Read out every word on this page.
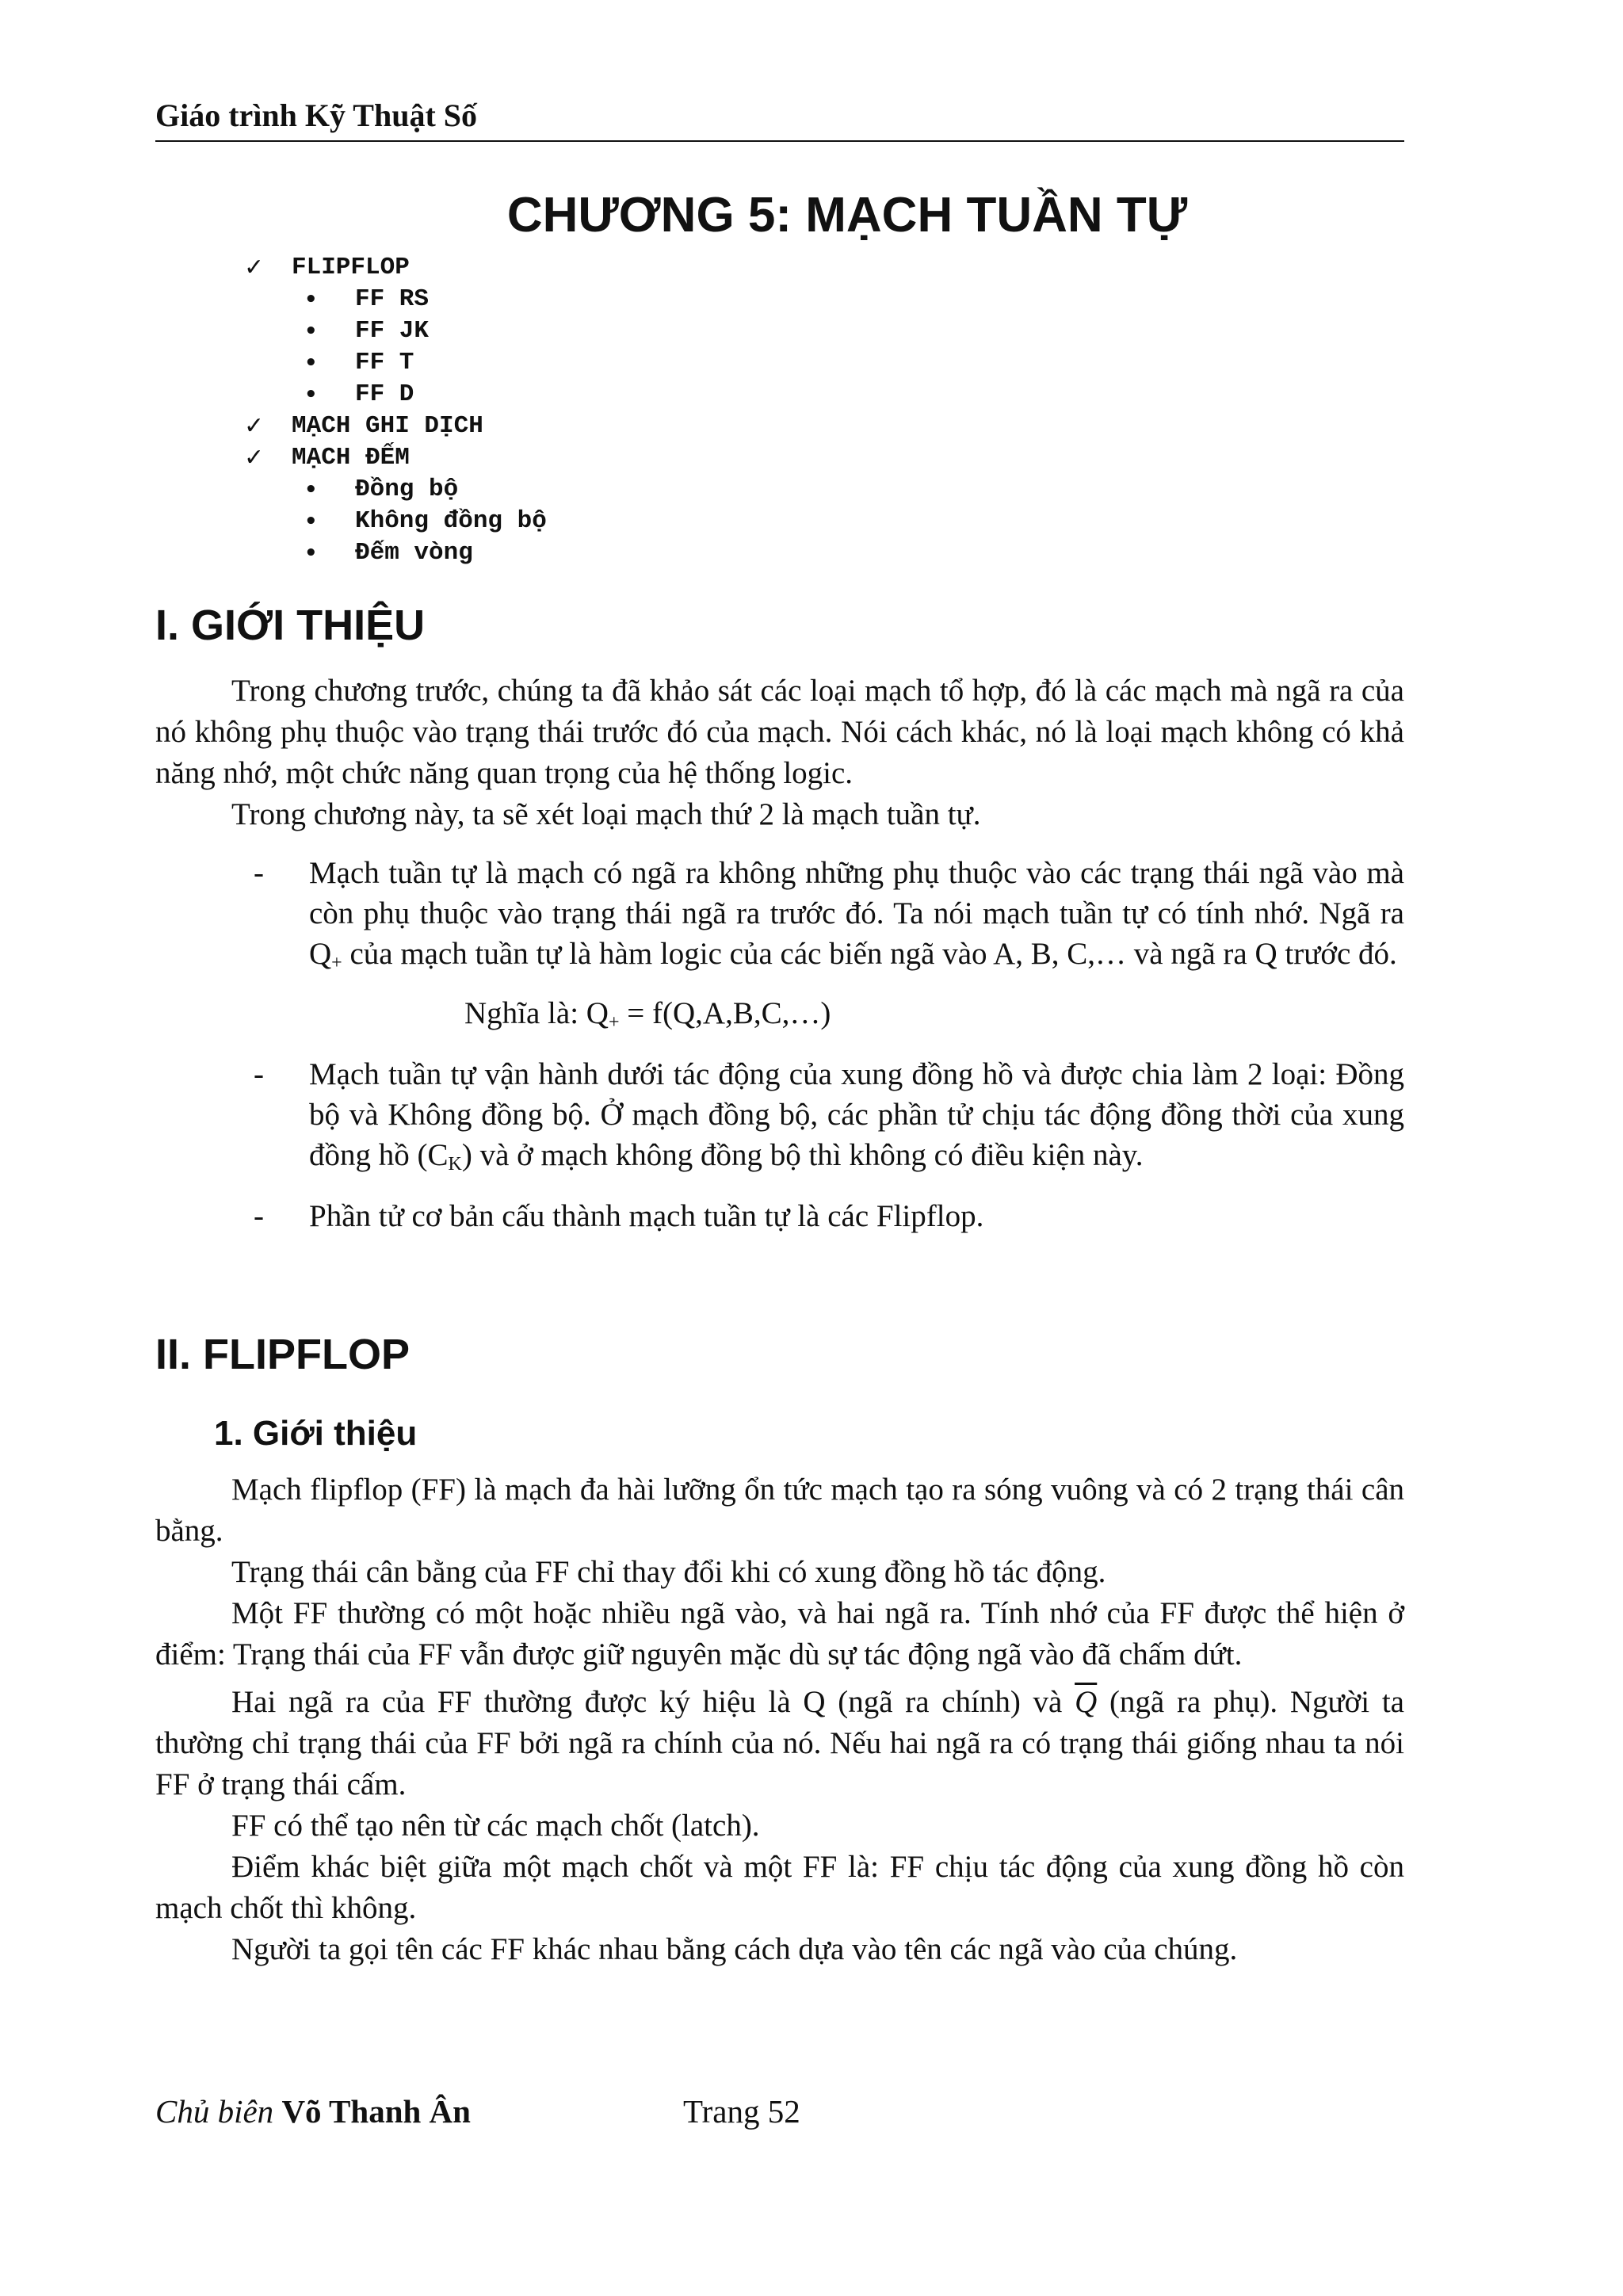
Giáo trình Kỹ Thuật Số
CHƯƠNG 5: MẠCH TUẦN TỰ
✓ FLIPFLOP
• FF RS
• FF JK
• FF T
• FF D
✓ MẠCH GHI DỊCH
✓ MẠCH ĐẾM
• Đồng bộ
• Không đồng bộ
• Đếm vòng
I. GIỚI THIỆU

Trong chương trước, chúng ta đã khảo sát các loại mạch tổ hợp, đó là các mạch mà ngã ra của nó không phụ thuộc vào trạng thái trước đó của mạch. Nói cách khác, nó là loại mạch không có khả năng nhớ, một chức năng quan trọng của hệ thống logic.

Trong chương này, ta sẽ xét loại mạch thứ 2 là mạch tuần tự.

- Mạch tuần tự là mạch có ngã ra không những phụ thuộc vào các trạng thái ngã vào mà còn phụ thuộc vào trạng thái ngã ra trước đó. Ta nói mạch tuần tự có tính nhớ. Ngã ra $Q_+$ của mạch tuần tự là hàm logic của các biến ngã vào A, B, C,… và ngã ra Q trước đó.
Nghĩa là: $Q_+$ = f(Q,A,B,C,…)
- Mạch tuần tự vận hành dưới tác động của xung đồng hồ và được chia làm 2 loại: Đồng bộ và Không đồng bộ. Ở mạch đồng bộ, các phần tử chịu tác động đồng thời của xung đồng hồ $(C_K)$ và ở mạch không đồng bộ thì không có điều kiện này.
- Phần tử cơ bản cấu thành mạch tuần tự là các Flipflop.
II. FLIPFLOP
1. Giới thiệu

Mạch flipflop (FF) là mạch đa hài lưỡng ổn tức mạch tạo ra sóng vuông và có 2 trạng thái cân bằng.

Trạng thái cân bằng của FF chỉ thay đổi khi có xung đồng hồ tác động.

Một FF thường có một hoặc nhiều ngã vào, và hai ngã ra. Tính nhớ của FF được thể hiện ở điểm: Trạng thái của FF vẫn được giữ nguyên mặc dù sự tác động ngã vào đã chấm dứt.

Hai ngã ra của FF thường được ký hiệu là Q (ngã ra chính) và $\overline{Q}$ (ngã ra phụ). Người ta thường chỉ trạng thái của FF bởi ngã ra chính của nó. Nếu hai ngã ra có trạng thái giống nhau ta nói FF ở trạng thái cấm.

FF có thể tạo nên từ các mạch chốt (latch).

Điểm khác biệt giữa một mạch chốt và một FF là: FF chịu tác động của xung đồng hồ còn mạch chốt thì không.

Người ta gọi tên các FF khác nhau bằng cách dựa vào tên các ngã vào của chúng.

Chủ biên Võ Thanh Ân	Trang 52
